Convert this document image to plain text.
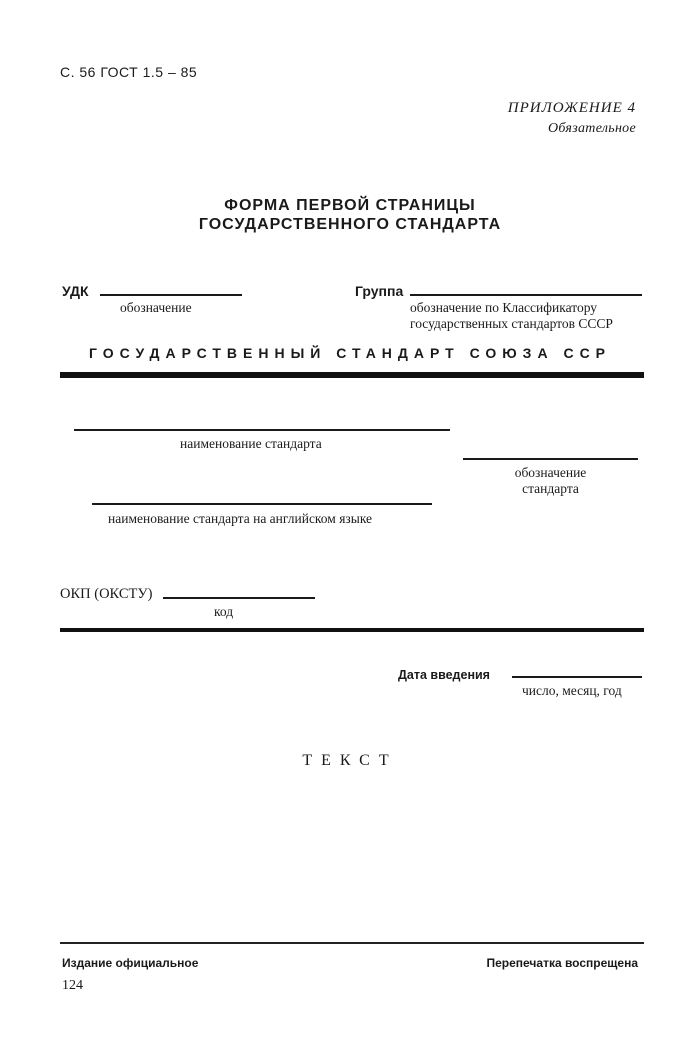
С. 56 ГОСТ 1.5 – 85
ПРИЛОЖЕНИЕ 4
Обязательное
ФОРМА ПЕРВОЙ СТРАНИЦЫ
ГОСУДАРСТВЕННОГО СТАНДАРТА
УДК
обозначение
Группа
обозначение по Классификатору
государственных стандартов СССР
ГОСУДАРСТВЕННЫЙ СТАНДАРТ СОЮЗА ССР
наименование стандарта
обозначение
стандарта
наименование стандарта на английском языке
ОКП (ОКСТУ)
код
Дата введения
число, месяц, год
ТЕКСТ
Издание официальное	Перепечатка воспрещена
124
